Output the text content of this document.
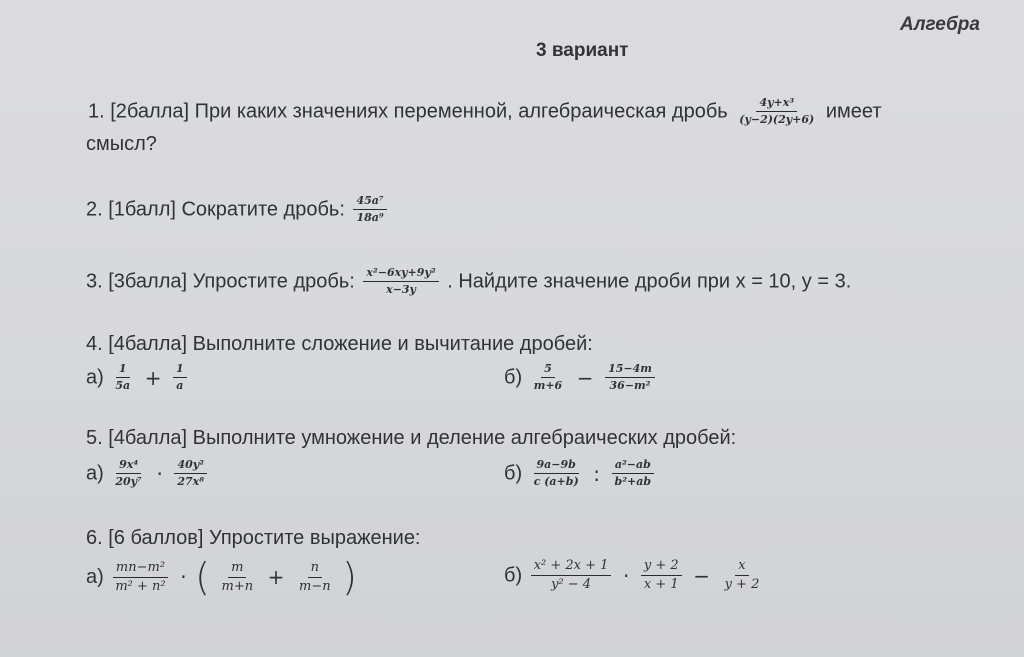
Алгебра
3 вариант
1. [2балла] При каких значениях переменной, алгебраическая дробь $\frac{\text{4y+x³}}{(y-2)(2y+6)}$ имеет
смысл?
2. [1балл] Сократите дробь: $\frac{\text{45a⁷}}{\text{18a⁹}}$
3. [3балла] Упростите дробь: $\frac{\text{x²−6xy+9y²}}{x-3y}$ . Найдите значение дроби при x = 10, y = 3.
4. [4балла] Выполните сложение и вычитание дробей:
$а) \frac{1}{5a} + \frac{1}{a}$	$б) \frac{5}{m+6} - \frac{15-4m}{\text{36−m²}}$
5. [4балла] Выполните умножение и деление алгебраических дробей:
$а) \frac{\text{9x⁴}}{\text{20y⁷}} \cdot \frac{\text{40y²}}{\text{27x⁸}}$	$б) \frac{9a-9b}{c (a+b)}$ : $\frac{\text{a²−ab}}{\text{b²+ab}}$
6. [6 баллов] Упростите выражение:
$а) \frac{\text{mn−m²}}{\text{m² + n²}}$ · ( $\frac{m}{m+n} + \frac{n}{m-n}$ )	$б) \frac{\text{x² + 2x + 1}}{\text{y² − 4}} \cdot \frac{y + 2}{x + 1} - \frac{x}{y + 2}$
